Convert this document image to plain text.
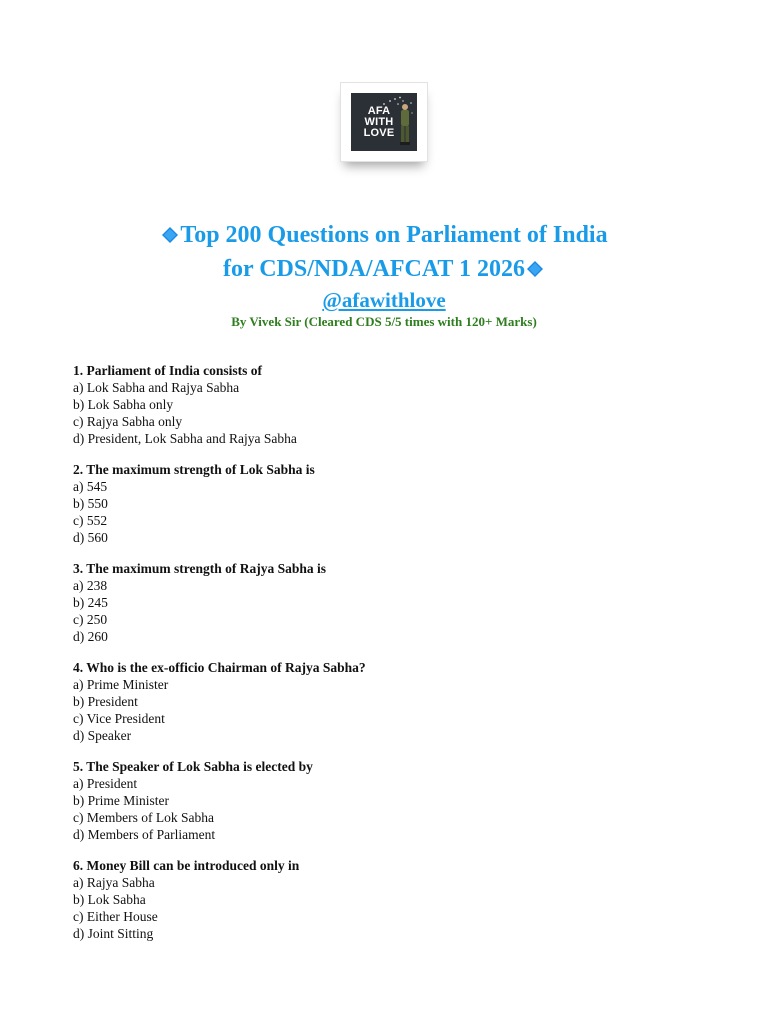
AFA
WITH
LOVE
Top 200 Questions on Parliament of India
for CDS/NDA/AFCAT 1 2026
@afawithlove
By Vivek Sir (Cleared CDS 5/5 times with 120+ Marks)
1. Parliament of India consists of
a) Lok Sabha and Rajya Sabha
b) Lok Sabha only
c) Rajya Sabha only
d) President, Lok Sabha and Rajya Sabha
2. The maximum strength of Lok Sabha is
a) 545
b) 550
c) 552
d) 560
3. The maximum strength of Rajya Sabha is
a) 238
b) 245
c) 250
d) 260
4. Who is the ex-officio Chairman of Rajya Sabha?
a) Prime Minister
b) President
c) Vice President
d) Speaker
5. The Speaker of Lok Sabha is elected by
a) President
b) Prime Minister
c) Members of Lok Sabha
d) Members of Parliament
6. Money Bill can be introduced only in
a) Rajya Sabha
b) Lok Sabha
c) Either House
d) Joint Sitting
